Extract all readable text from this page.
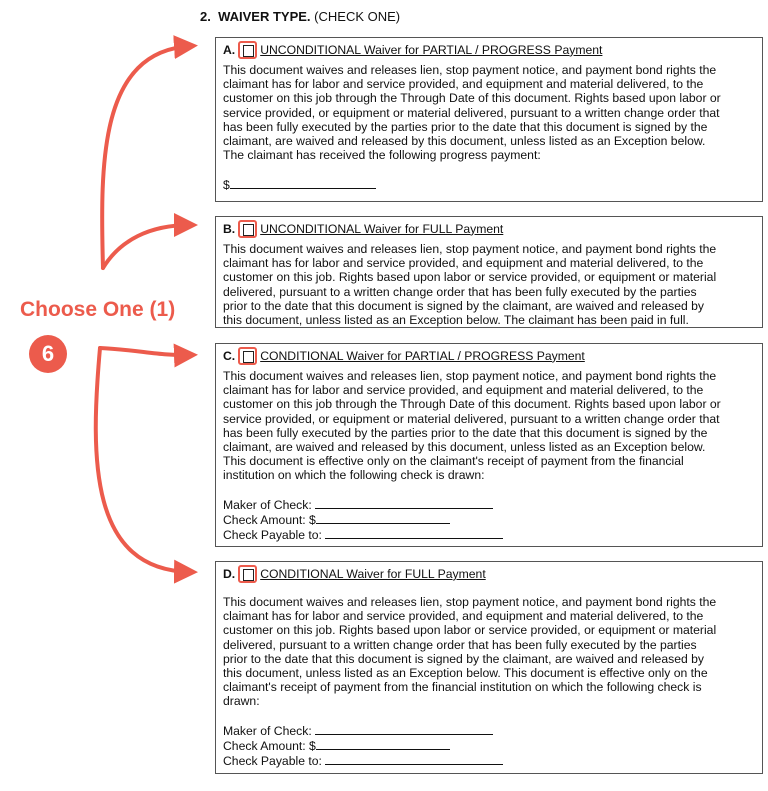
2. WAIVER TYPE. (CHECK ONE)
A. UNCONDITIONAL Waiver for PARTIAL / PROGRESS Payment
This document waives and releases lien, stop payment notice, and payment bond rights the
claimant has for labor and service provided, and equipment and material delivered, to the
customer on this job through the Through Date of this document. Rights based upon labor or
service provided, or equipment or material delivered, pursuant to a written change order that
has been fully executed by the parties prior to the date that this document is signed by the
claimant, are waived and released by this document, unless listed as an Exception below.
The claimant has received the following progress payment:
$
B. UNCONDITIONAL Waiver for FULL Payment
This document waives and releases lien, stop payment notice, and payment bond rights the
claimant has for labor and service provided, and equipment and material delivered, to the
customer on this job. Rights based upon labor or service provided, or equipment or material
delivered, pursuant to a written change order that has been fully executed by the parties
prior to the date that this document is signed by the claimant, are waived and released by
this document, unless listed as an Exception below. The claimant has been paid in full.
C. CONDITIONAL Waiver for PARTIAL / PROGRESS Payment
This document waives and releases lien, stop payment notice, and payment bond rights the
claimant has for labor and service provided, and equipment and material delivered, to the
customer on this job through the Through Date of this document. Rights based upon labor or
service provided, or equipment or material delivered, pursuant to a written change order that
has been fully executed by the parties prior to the date that this document is signed by the
claimant, are waived and released by this document, unless listed as an Exception below.
This document is effective only on the claimant's receipt of payment from the financial
institution on which the following check is drawn:
Maker of Check:
Check Amount: $
Check Payable to:
D. CONDITIONAL Waiver for FULL Payment
This document waives and releases lien, stop payment notice, and payment bond rights the
claimant has for labor and service provided, and equipment and material delivered, to the
customer on this job. Rights based upon labor or service provided, or equipment or material
delivered, pursuant to a written change order that has been fully executed by the parties
prior to the date that this document is signed by the claimant, are waived and released by
this document, unless listed as an Exception below. This document is effective only on the
claimant's receipt of payment from the financial institution on which the following check is
drawn:
Maker of Check:
Check Amount: $
Check Payable to:
Choose One (1)
6
